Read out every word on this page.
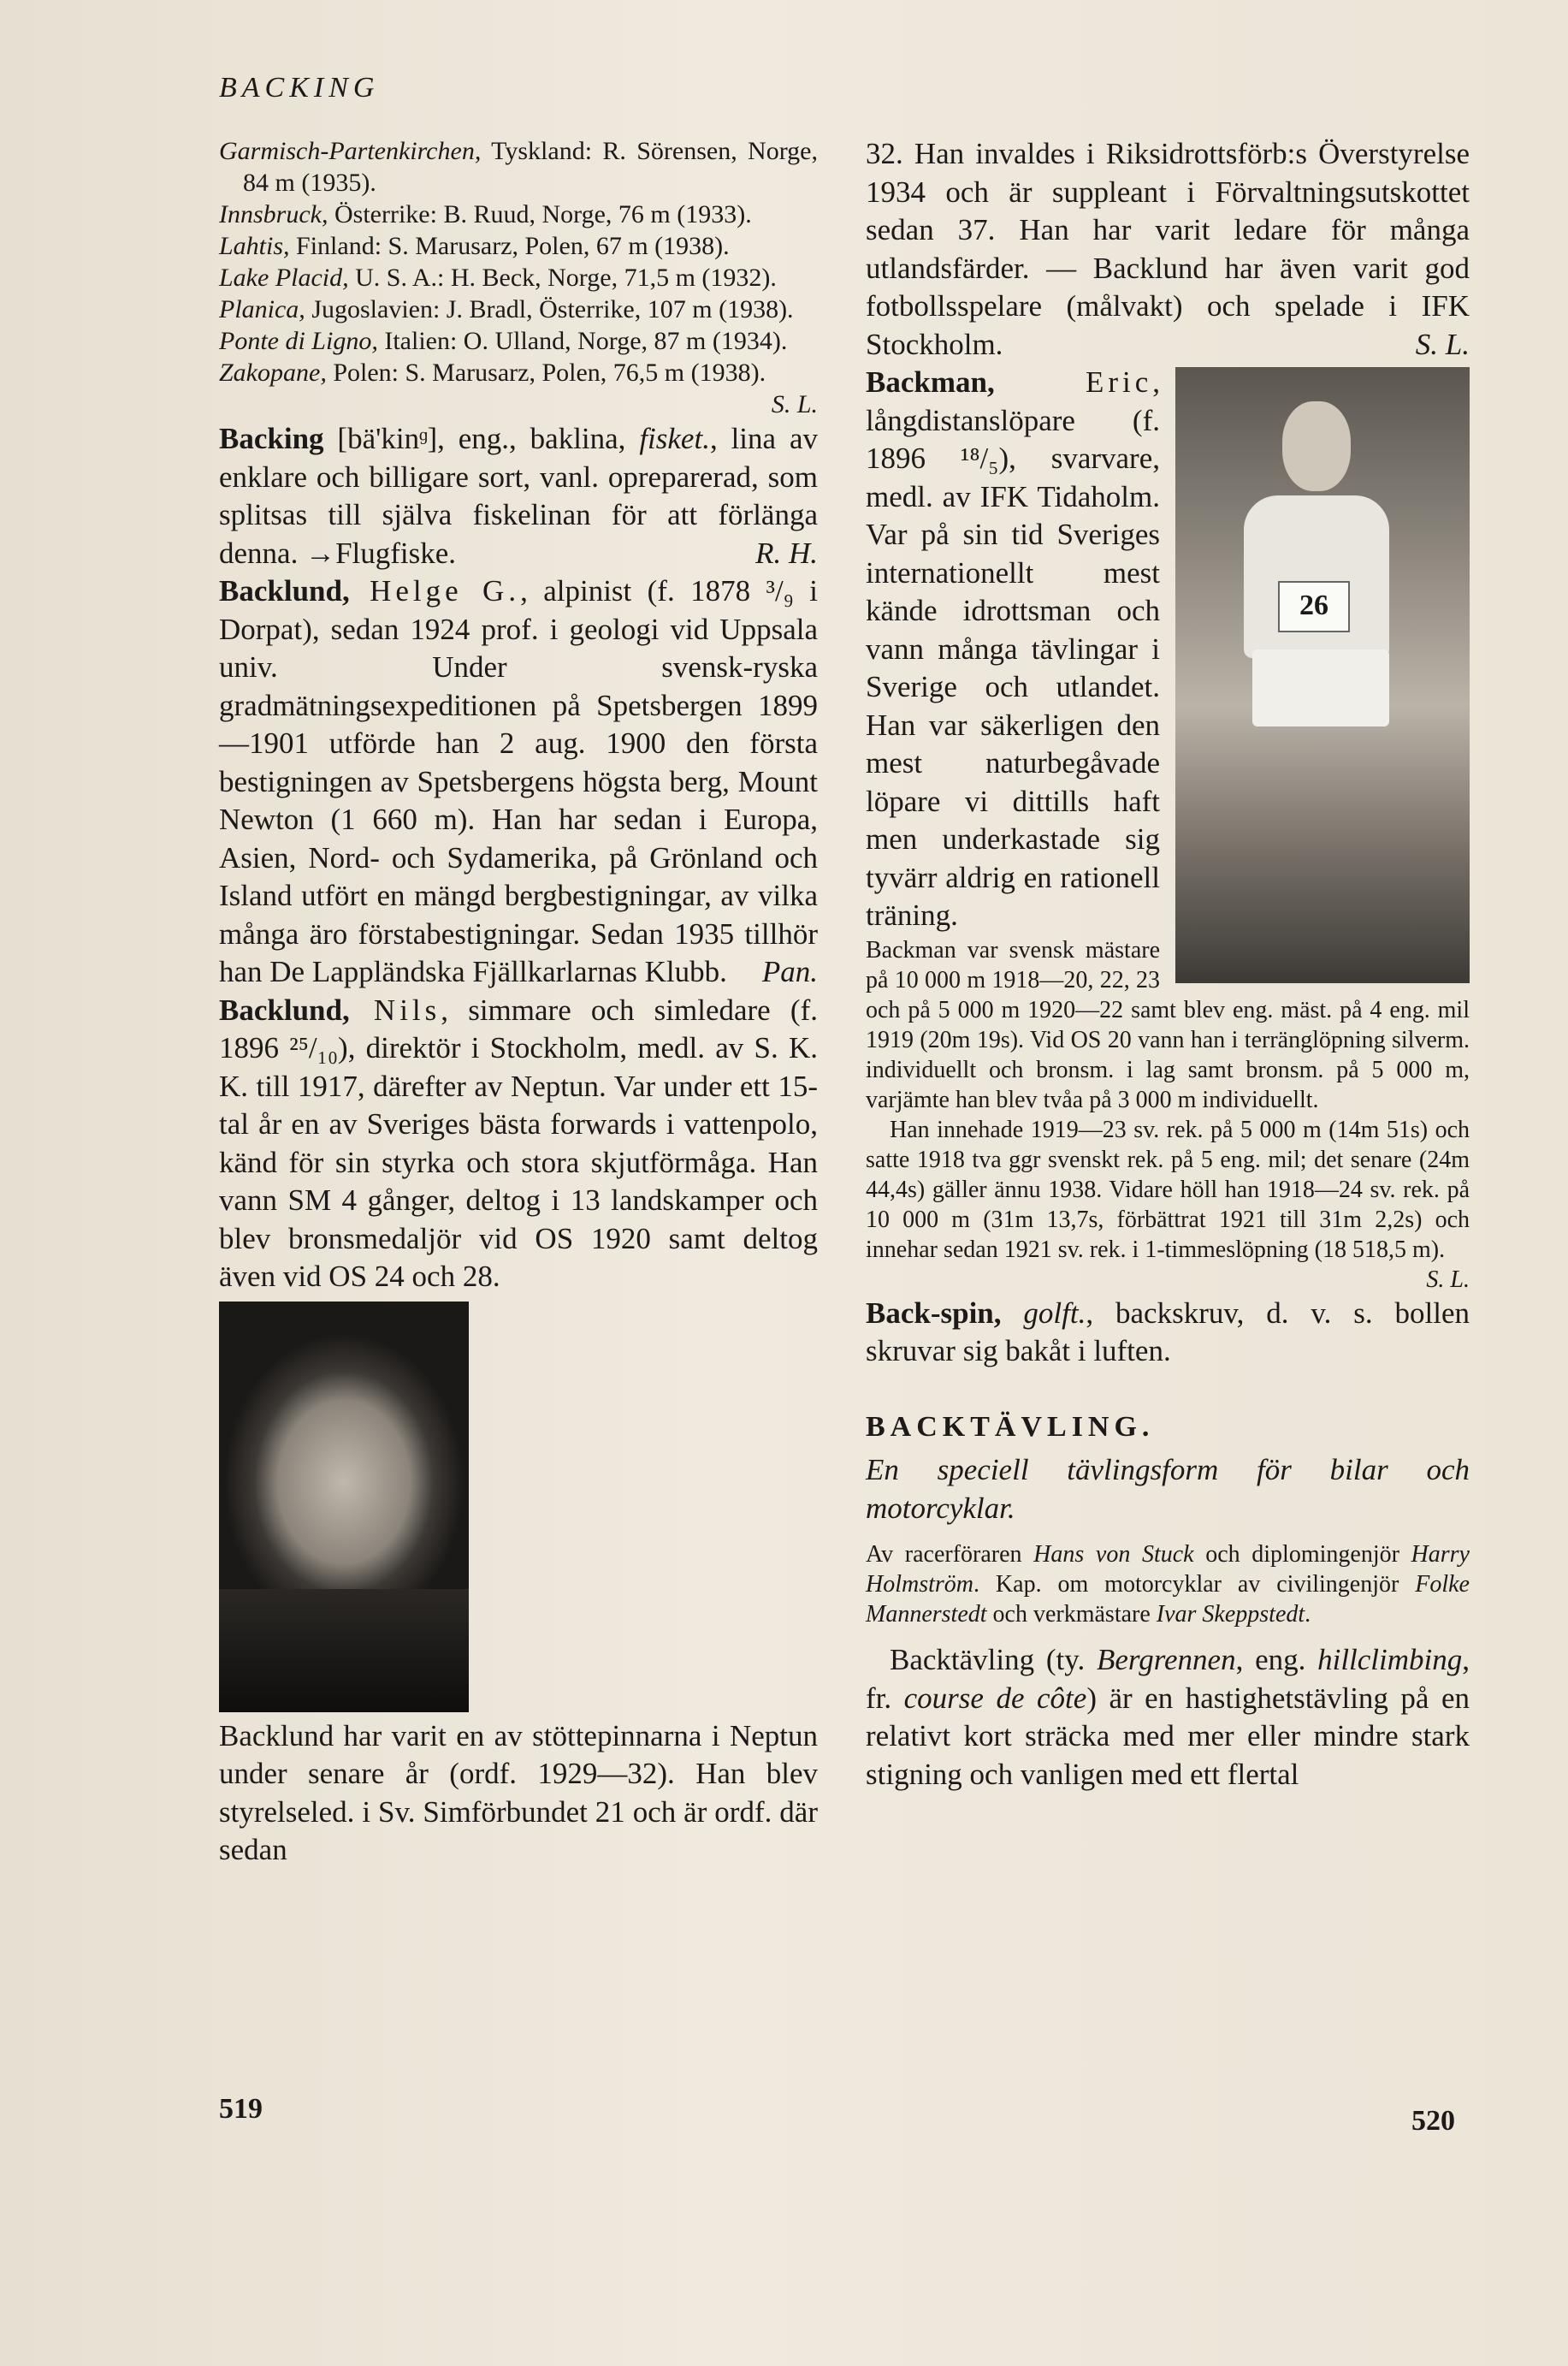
BACKING

Garmisch-Partenkirchen, Tyskland: R. Sörensen, Norge, 84 m (1935).

Innsbruck, Österrike: B. Ruud, Norge, 76 m (1933).

Lahtis, Finland: S. Marusarz, Polen, 67 m (1938).

Lake Placid, U. S. A.: H. Beck, Norge, 71,5 m (1932).

Planica, Jugoslavien: J. Bradl, Österrike, 107 m (1938).

Ponte di Ligno, Italien: O. Ulland, Norge, 87 m (1934).

Zakopane, Polen: S. Marusarz, Polen, 76,5 m (1938).

S. L.

Backing [bä'kinᶢ], eng., baklina, fisket., lina av enklare och billigare sort, vanl. opreparerad, som splitsas till själva fiskelinan för att förlänga denna. →Flugfiske.	R. H.

Backlund, Helge G., alpinist (f. 1878 ³/₉ i Dorpat), sedan 1924 prof. i geologi vid Uppsala univ. Under svensk-ryska gradmätningsexpeditionen på Spetsbergen 1899—1901 utförde han 2 aug. 1900 den första bestigningen av Spetsbergens högsta berg, Mount Newton (1 660 m). Han har sedan i Europa, Asien, Nord- och Sydamerika, på Grönland och Island utfört en mängd bergbestigningar, av vilka många äro förstabestigningar. Sedan 1935 tillhör han De Lappländska Fjällkarlarnas Klubb. Pan.

Backlund, Nils, simmare och simledare (f. 1896 ²⁵/₁₀), direktör i Stockholm, medl. av S. K. K. till 1917, därefter av Neptun. Var under ett 15-tal år en av Sveriges bästa forwards i vattenpolo, känd för sin styrka och stora skjutförmåga. Han vann SM 4 gånger, deltog i 13 landskamper och blev bronsmedaljör vid OS 1920 samt deltog även vid OS 24 och 28.

Backlund har varit en av stöttepinnarna i Neptun under senare år (ordf. 1929—32). Han blev styrelseled. i Sv. Simförbundet 21 och är ordf. där sedan

519

32. Han invaldes i Riksidrottsförb:s Överstyrelse 1934 och är suppleant i Förvaltningsutskottet sedan 37. Han har varit ledare för många utlandsfärder. — Backlund har även varit god fotbollsspelare (målvakt) och spelade i IFK Stockholm.	S. L.

26

Backman, Eric, långdistanslöpare (f. 1896 ¹⁸/₅), svarvare, medl. av IFK Tidaholm. Var på sin tid Sveriges internationellt mest kände idrottsman och vann många tävlingar i Sverige och utlandet. Han var säkerligen den mest naturbegåvade löpare vi dittills haft men underkastade sig tyvärr aldrig en rationell träning.

Backman var svensk mästare på 10 000 m 1918—20, 22, 23 och på 5 000 m 1920—22 samt blev eng. mäst. på 4 eng. mil 1919 (20m 19s). Vid OS 20 vann han i terränglöpning silverm. individuellt och bronsm. i lag samt bronsm. på 5 000 m, varjämte han blev tvåa på 3 000 m individuellt.

Han innehade 1919—23 sv. rek. på 5 000 m (14m 51s) och satte 1918 tva ggr svenskt rek. på 5 eng. mil; det senare (24m 44,4s) gäller ännu 1938. Vidare höll han 1918—24 sv. rek. på 10 000 m (31m 13,7s, förbättrat 1921 till 31m 2,2s) och innehar sedan 1921 sv. rek. i 1-timmeslöpning (18 518,5 m).
S. L.

Back-spin, golft., backskruv, d. v. s. bollen skruvar sig bakåt i luften.

BACKTÄVLING.

En speciell tävlingsform för bilar och motorcyklar.

Av racerföraren Hans von Stuck och diplomingenjör Harry Holmström. Kap. om motorcyklar av civilingenjör Folke Mannerstedt och verkmästare Ivar Skeppstedt.

Backtävling (ty. Bergrennen, eng. hillclimbing, fr. course de côte) är en hastighetstävling på en relativt kort sträcka med mer eller mindre stark stigning och vanligen med ett flertal

520
